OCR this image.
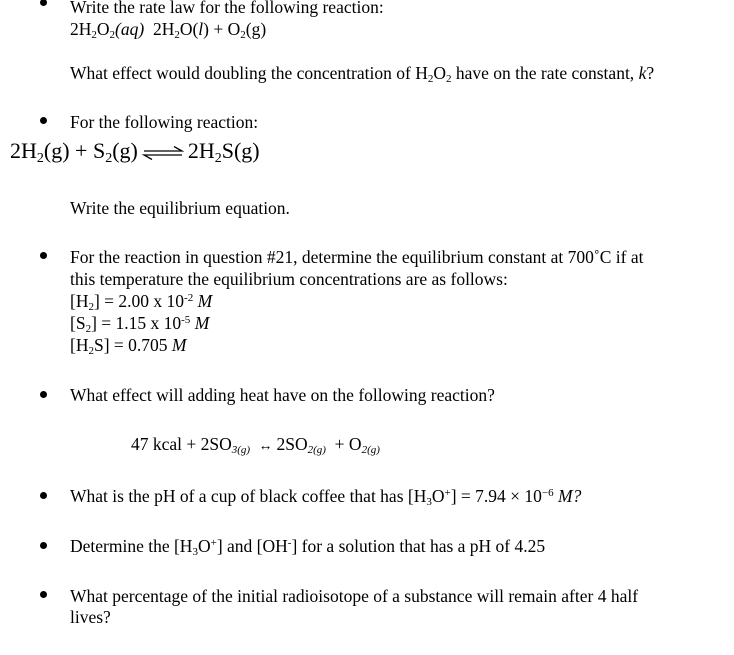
Write the rate law for the following reaction:
$2H_2O_2(aq) 2H_2O(l) + O_2(g)$
What effect would doubling the concentration of $H_2O_2$ have on the rate constant, k?
For the following reaction:
$2H_2(g) + S_2(g)$ ⇌ $2H_2S(g)$
Write the equilibrium equation.
For the reaction in question #21, determine the equilibrium constant at 700˚C if at
this temperature the equilibrium concentrations are as follows:
$[H_2] = 2.00$ x $10^{-2}$ M
$[S_2] = 1.15$ x $10^{-5}$ M
$[H_2S] = 0.705$ M
What effect will adding heat have on the following reaction?
47 kcal + $2SO_{3(g)}$ ↔ $2SO_{2(g)} + O_{2(g)}$
What is the pH of a cup of black coffee that has $[H_3O^+] = 7.94 \times 10^{-6}$ M?
Determine the $[H_3O^+]$ and [OH-] for a solution that has a pH of 4.25
What percentage of the initial radioisotope of a substance will remain after 4 half
lives?
